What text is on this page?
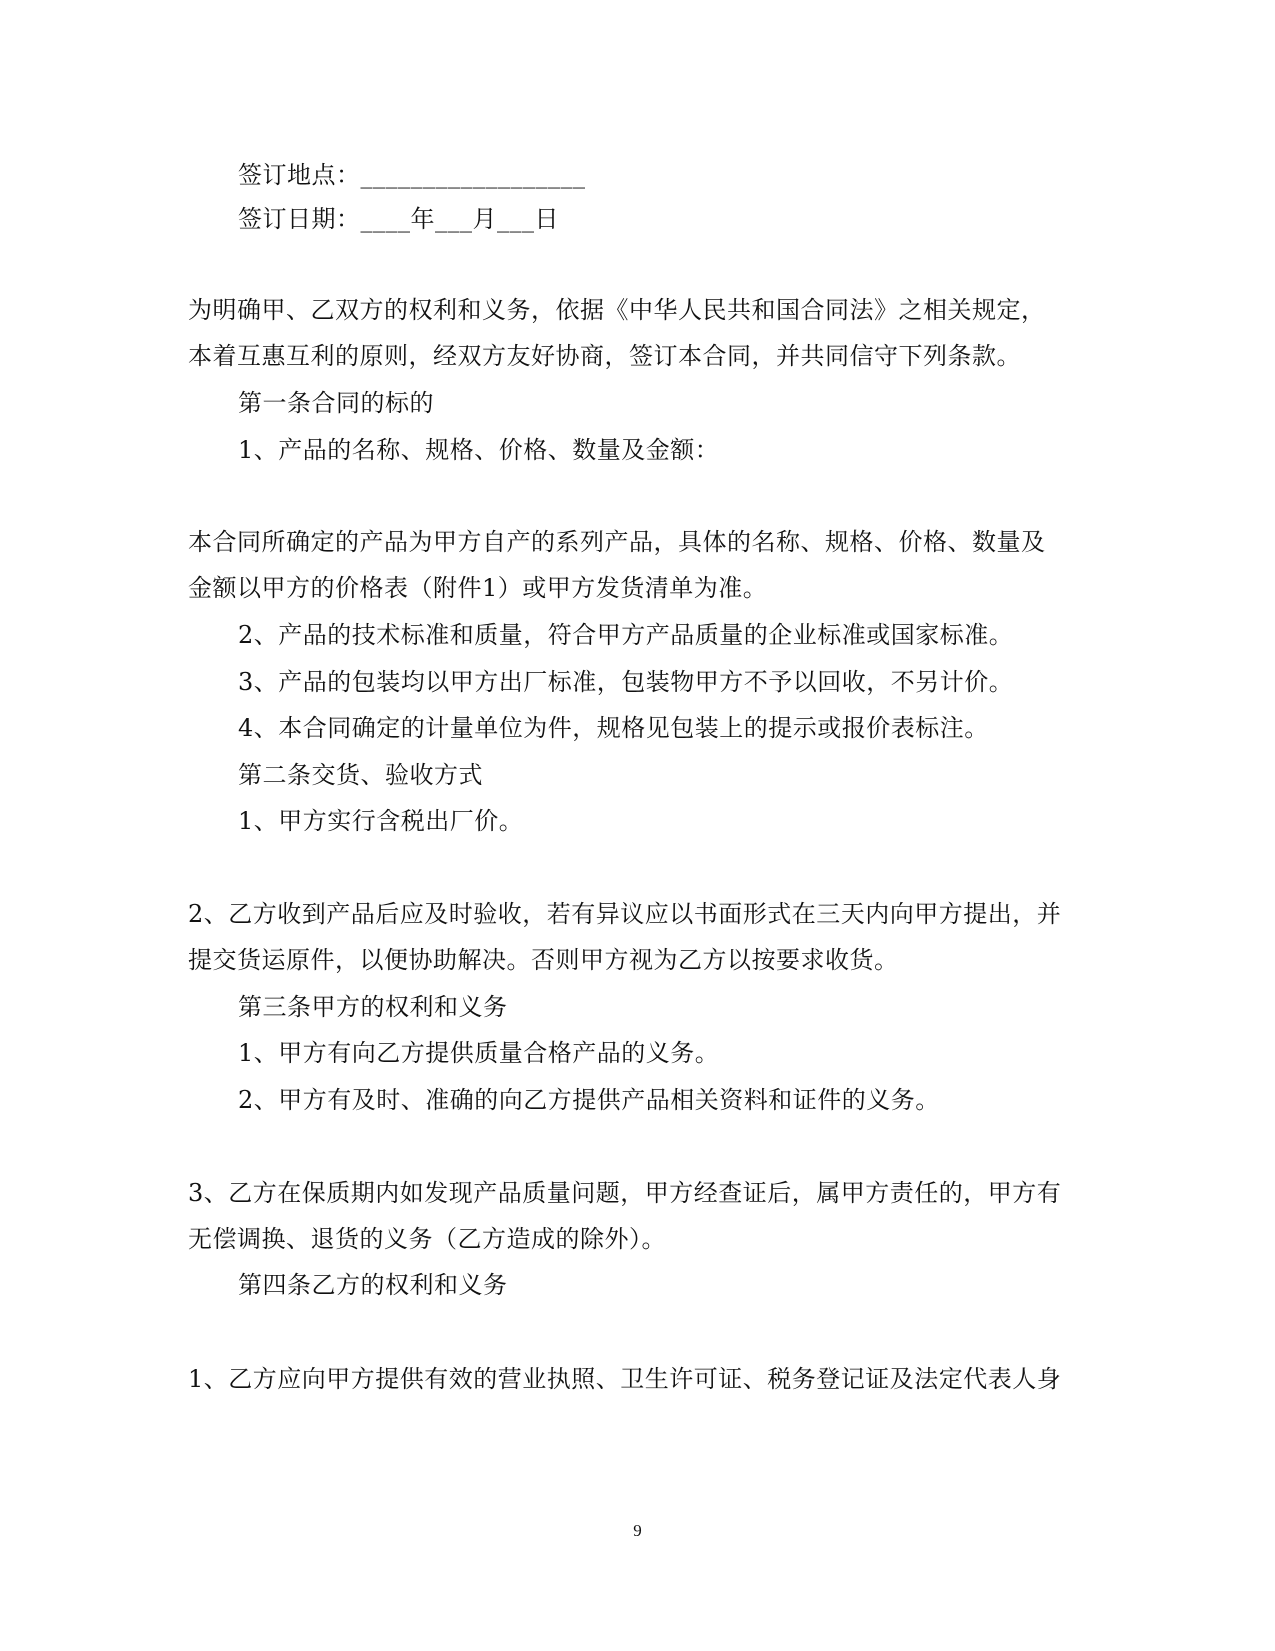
签订地点：__________________
签订日期：____年___月___日
为明确甲、乙双方的权利和义务，依据《中华人民共和国合同法》之相关规定，
本着互惠互利的原则，经双方友好协商，签订本合同，并共同信守下列条款。
第一条合同的标的
1、产品的名称、规格、价格、数量及金额：
本合同所确定的产品为甲方自产的系列产品，具体的名称、规格、价格、数量及
金额以甲方的价格表（附件1）或甲方发货清单为准。
2、产品的技术标准和质量，符合甲方产品质量的企业标准或国家标准。
3、产品的包装均以甲方出厂标准，包装物甲方不予以回收，不另计价。
4、本合同确定的计量单位为件，规格见包装上的提示或报价表标注。
第二条交货、验收方式
1、甲方实行含税出厂价。
2、乙方收到产品后应及时验收，若有异议应以书面形式在三天内向甲方提出，并
提交货运原件，以便协助解决。否则甲方视为乙方以按要求收货。
第三条甲方的权利和义务
1、甲方有向乙方提供质量合格产品的义务。
2、甲方有及时、准确的向乙方提供产品相关资料和证件的义务。
3、乙方在保质期内如发现产品质量问题，甲方经查证后，属甲方责任的，甲方有
无偿调换、退货的义务（乙方造成的除外）。
第四条乙方的权利和义务
1、乙方应向甲方提供有效的营业执照、卫生许可证、税务登记证及法定代表人身
9
